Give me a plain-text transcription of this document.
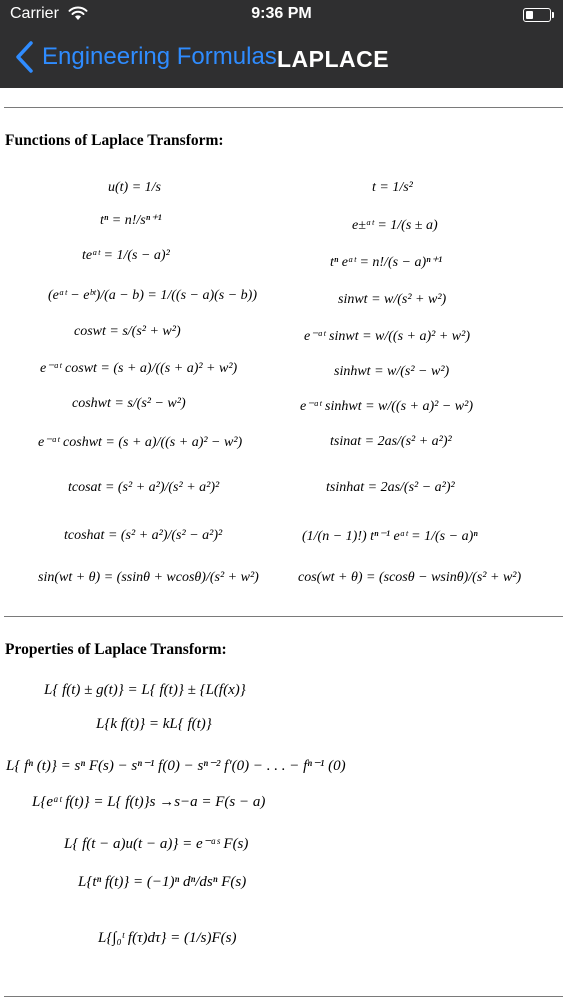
Carrier	9:36 PM
Engineering Formulas LAPLACE
Functions of Laplace Transform:
u(t) = 1/s
tⁿ = n!/sⁿ⁺¹
teᵃᵗ = 1/(s − a)²
(eᵃᵗ − eᵇᵗ)/(a − b) = 1/((s − a)(s − b))
coswt = s/(s² + w²)
e⁻ᵃᵗ coswt = (s + a)/((s + a)² + w²)
coshwt = s/(s² − w²)
e⁻ᵃᵗ coshwt = (s + a)/((s + a)² − w²)
tcosat = (s² + a²)/(s² + a²)²
tcoshat = (s² + a²)/(s² − a²)²
sin(wt + θ) = (ssinθ + wcosθ)/(s² + w²)
t = 1/s²
e±ᵃᵗ = 1/(s ± a)
tⁿ eᵃᵗ = n!/(s − a)ⁿ⁺¹
sinwt = w/(s² + w²)
e⁻ᵃᵗ sinwt = w/((s + a)² + w²)
sinhwt = w/(s² − w²)
e⁻ᵃᵗ sinhwt = w/((s + a)² − w²)
tsinat = 2as/(s² + a²)²
tsinhat = 2as/(s² − a²)²
(1/(n − 1)!) tⁿ⁻¹ eᵃᵗ = 1/(s − a)ⁿ
cos(wt + θ) = (scosθ − wsinθ)/(s² + w²)
Properties of Laplace Transform:
L{ f(t) ± g(t)} = L{ f(t)} ± {L(f(x)}
L{k f(t)} = kL{ f(t)}
L{ fⁿ (t)} = sⁿ F(s) − sⁿ⁻¹ f(0) − sⁿ⁻² f′(0) − . . . − fⁿ⁻¹ (0)
L{eᵃᵗ f(t)} = L{ f(t)}s →s−a = F(s − a)
L{ f(t − a)u(t − a)} = e⁻ᵃˢ F(s)
L{tⁿ f(t)} = (−1)ⁿ dⁿ/dsⁿ F(s)
L{∫₀ᵗ f(τ)dτ} = (1/s)F(s)
